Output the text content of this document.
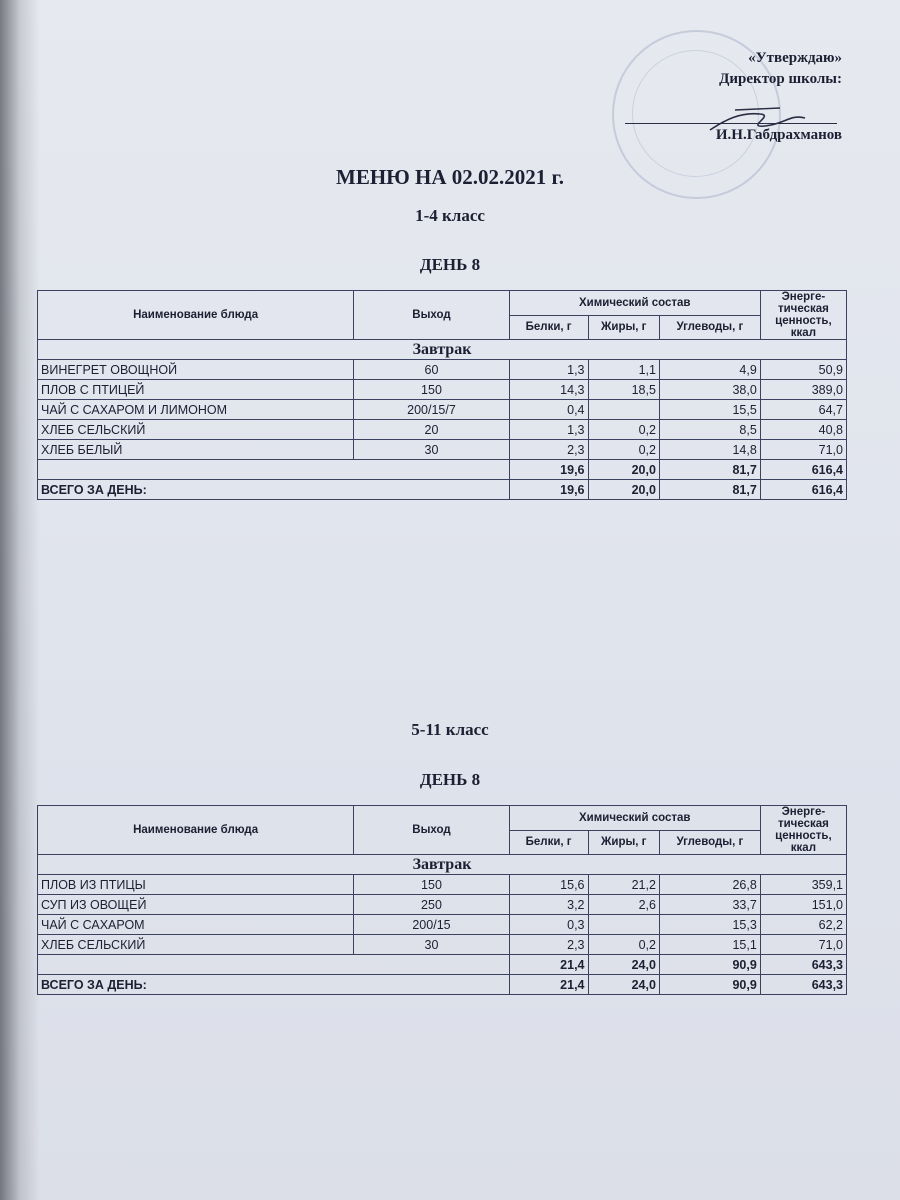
«Утверждаю»
Директор школы:
И.Н.Габдрахманов
МЕНЮ НА 02.02.2021 г.
1-4 класс
ДЕНЬ 8
Наименование блюда	Выход	Химический состав			Энерге-тическая ценность, ккал
		Белки, г	Жиры, г	Углеводы, г	
Завтрак					
ВИНЕГРЕТ ОВОЩНОЙ	60	1,3	1,1	4,9	50,9
ПЛОВ С ПТИЦЕЙ	150	14,3	18,5	38,0	389,0
ЧАЙ С САХАРОМ И ЛИМОНОМ	200/15/7	0,4		15,5	64,7
ХЛЕБ СЕЛЬСКИЙ	20	1,3	0,2	8,5	40,8
ХЛЕБ БЕЛЫЙ	30	2,3	0,2	14,8	71,0
		19,6	20,0	81,7	616,4
ВСЕГО ЗА ДЕНЬ:		19,6	20,0	81,7	616,4
5-11 класс
ДЕНЬ 8
Наименование блюда	Выход	Химический состав			Энерге-тическая ценность, ккал
		Белки, г	Жиры, г	Углеводы, г	
Завтрак					
ПЛОВ ИЗ ПТИЦЫ	150	15,6	21,2	26,8	359,1
СУП ИЗ ОВОЩЕЙ	250	3,2	2,6	33,7	151,0
ЧАЙ С САХАРОМ	200/15	0,3		15,3	62,2
ХЛЕБ СЕЛЬСКИЙ	30	2,3	0,2	15,1	71,0
		21,4	24,0	90,9	643,3
ВСЕГО ЗА ДЕНЬ:		21,4	24,0	90,9	643,3
